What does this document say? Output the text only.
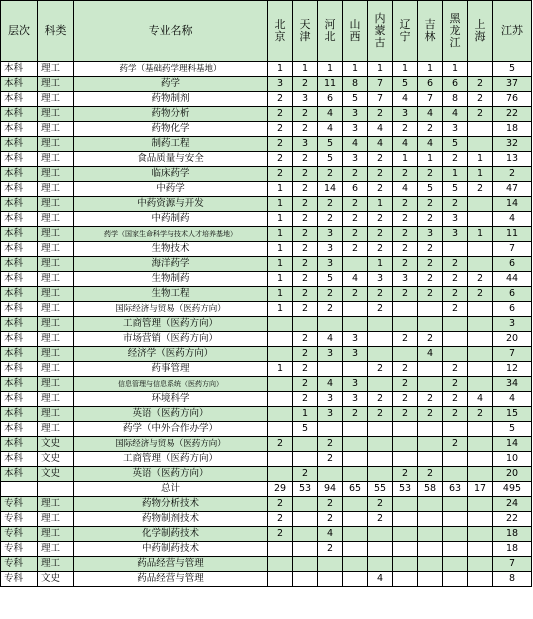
层次	科类	专业名称	北京	天津	河北	山西	内蒙古	辽宁	吉林	黑龙江	上海	江苏
本科	理工	药学（基础药学理科基地）	1	1	1	1	1	1	1	1		5
本科	理工	药学	3	2	11	8	7	5	6	6	2	37
本科	理工	药物制剂	2	3	6	5	7	4	7	8	2	76
本科	理工	药物分析	2	2	4	3	2	3	4	4	2	22
本科	理工	药物化学	2	2	4	3	4	2	2	3		18
本科	理工	制药工程	2	3	5	4	4	4	4	5		32
本科	理工	食品质量与安全	2	2	5	3	2	1	1	2	1	13
本科	理工	临床药学	2	2	2	2	2	2	2	1	1	2
本科	理工	中药学	1	2	14	6	2	4	5	5	2	47
本科	理工	中药资源与开发	1	2	2	2	1	2	2	2		14
本科	理工	中药制药	1	2	2	2	2	2	2	3		4
本科	理工	药学（国家生命科学与技术人才培养基地）	1	2	3	2	2	2	3	3	1	11
本科	理工	生物技术	1	2	3	2	2	2	2			7
本科	理工	海洋药学	1	2	3		1	2	2	2		6
本科	理工	生物制药	1	2	5	4	3	3	2	2	2	44
本科	理工	生物工程	1	2	2	2	2	2	2	2	2	6
本科	理工	国际经济与贸易（医药方向）	1	2	2		2			2		6
本科	理工	工商管理（医药方向）										3
本科	理工	市场营销（医药方向）		2	4	3		2	2			20
本科	理工	经济学（医药方向）		2	3	3			4			7
本科	理工	药事管理	1	2			2	2		2		12
本科	理工	信息管理与信息系统（医药方向）		2	4	3		2		2		34
本科	理工	环境科学		2	3	3	2	2	2	2	4	4
本科	理工	英语（医药方向）		1	3	2	2	2	2	2	2	15
本科	理工	药学（中外合作办学）		5								5
本科	文史	国际经济与贸易（医药方向）	2		2					2		14
本科	文史	工商管理（医药方向）			2							10
本科	文史	英语（医药方向）		2				2	2			20
		总计	29	53	94	65	55	53	58	63	17	495
专科	理工	药物分析技术	2		2		2					24
专科	理工	药物制剂技术	2		2		2					22
专科	理工	化学制药技术	2		4							18
专科	理工	中药制药技术			2							18
专科	理工	药品经营与管理										7
专科	文史	药品经营与管理					4					8
